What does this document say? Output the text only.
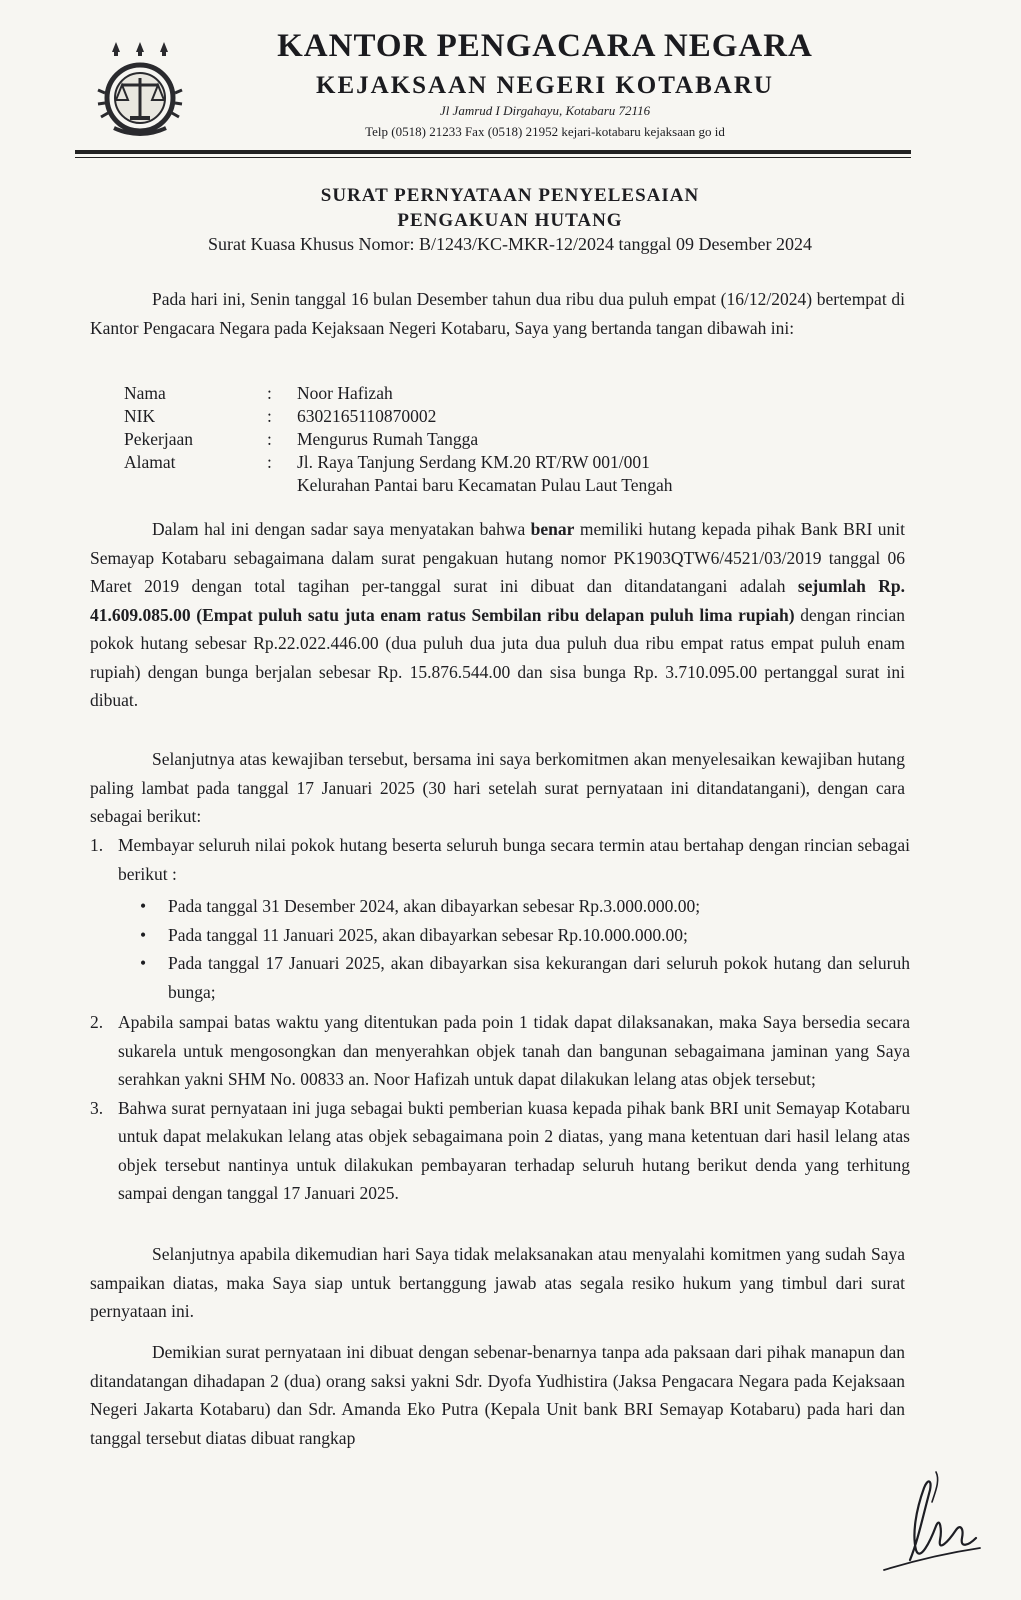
KANTOR PENGACARA NEGARA
KEJAKSAAN NEGERI KOTABARU
Jl Jamrud I Dirgahayu, Kotabaru 72116
Telp (0518) 21233 Fax (0518) 21952 kejari-kotabaru kejaksaan go id
SURAT PERNYATAAN PENYELESAIAN
PENGAKUAN HUTANG
Surat Kuasa Khusus Nomor: B/1243/KC-MKR-12/2024 tanggal 09 Desember 2024
Pada hari ini, Senin tanggal 16 bulan Desember tahun dua ribu dua puluh empat (16/12/2024) bertempat di Kantor Pengacara Negara pada Kejaksaan Negeri Kotabaru, Saya yang bertanda tangan dibawah ini:
Nama	:	Noor Hafizah
NIK	:	6302165110870002
Pekerjaan	:	Mengurus Rumah Tangga
Alamat	:	Jl. Raya Tanjung Serdang KM.20 RT/RW 001/001
Kelurahan Pantai baru Kecamatan Pulau Laut Tengah
Dalam hal ini dengan sadar saya menyatakan bahwa benar memiliki hutang kepada pihak Bank BRI unit Semayap Kotabaru sebagaimana dalam surat pengakuan hutang nomor PK1903QTW6/4521/03/2019 tanggal 06 Maret 2019 dengan total tagihan per-tanggal surat ini dibuat dan ditandatangani adalah sejumlah Rp. 41.609.085.00 (Empat puluh satu juta enam ratus Sembilan ribu delapan puluh lima rupiah) dengan rincian pokok hutang sebesar Rp.22.022.446.00 (dua puluh dua juta dua puluh dua ribu empat ratus empat puluh enam rupiah) dengan bunga berjalan sebesar Rp. 15.876.544.00 dan sisa bunga Rp. 3.710.095.00 pertanggal surat ini dibuat.
Selanjutnya atas kewajiban tersebut, bersama ini saya berkomitmen akan menyelesaikan kewajiban hutang paling lambat pada tanggal 17 Januari 2025 (30 hari setelah surat pernyataan ini ditandatangani), dengan cara sebagai berikut:
1. Membayar seluruh nilai pokok hutang beserta seluruh bunga secara termin atau bertahap dengan rincian sebagai berikut :
•	Pada tanggal 31 Desember 2024, akan dibayarkan sebesar Rp.3.000.000.00;
•	Pada tanggal 11 Januari 2025, akan dibayarkan sebesar Rp.10.000.000.00;
•	Pada tanggal 17 Januari 2025, akan dibayarkan sisa kekurangan dari seluruh pokok hutang dan seluruh bunga;
2. Apabila sampai batas waktu yang ditentukan pada poin 1 tidak dapat dilaksanakan, maka Saya bersedia secara sukarela untuk mengosongkan dan menyerahkan objek tanah dan bangunan sebagaimana jaminan yang Saya serahkan yakni SHM No. 00833 an. Noor Hafizah untuk dapat dilakukan lelang atas objek tersebut;
3. Bahwa surat pernyataan ini juga sebagai bukti pemberian kuasa kepada pihak bank BRI unit Semayap Kotabaru untuk dapat melakukan lelang atas objek sebagaimana poin 2 diatas, yang mana ketentuan dari hasil lelang atas objek tersebut nantinya untuk dilakukan pembayaran terhadap seluruh hutang berikut denda yang terhitung sampai dengan tanggal 17 Januari 2025.
Selanjutnya apabila dikemudian hari Saya tidak melaksanakan atau menyalahi komitmen yang sudah Saya sampaikan diatas, maka Saya siap untuk bertanggung jawab atas segala resiko hukum yang timbul dari surat pernyataan ini.
Demikian surat pernyataan ini dibuat dengan sebenar-benarnya tanpa ada paksaan dari pihak manapun dan ditandatangan dihadapan 2 (dua) orang saksi yakni Sdr. Dyofa Yudhistira (Jaksa Pengacara Negara pada Kejaksaan Negeri Jakarta Kotabaru) dan Sdr. Amanda Eko Putra (Kepala Unit bank BRI Semayap Kotabaru) pada hari dan tanggal tersebut diatas dibuat rangkap
